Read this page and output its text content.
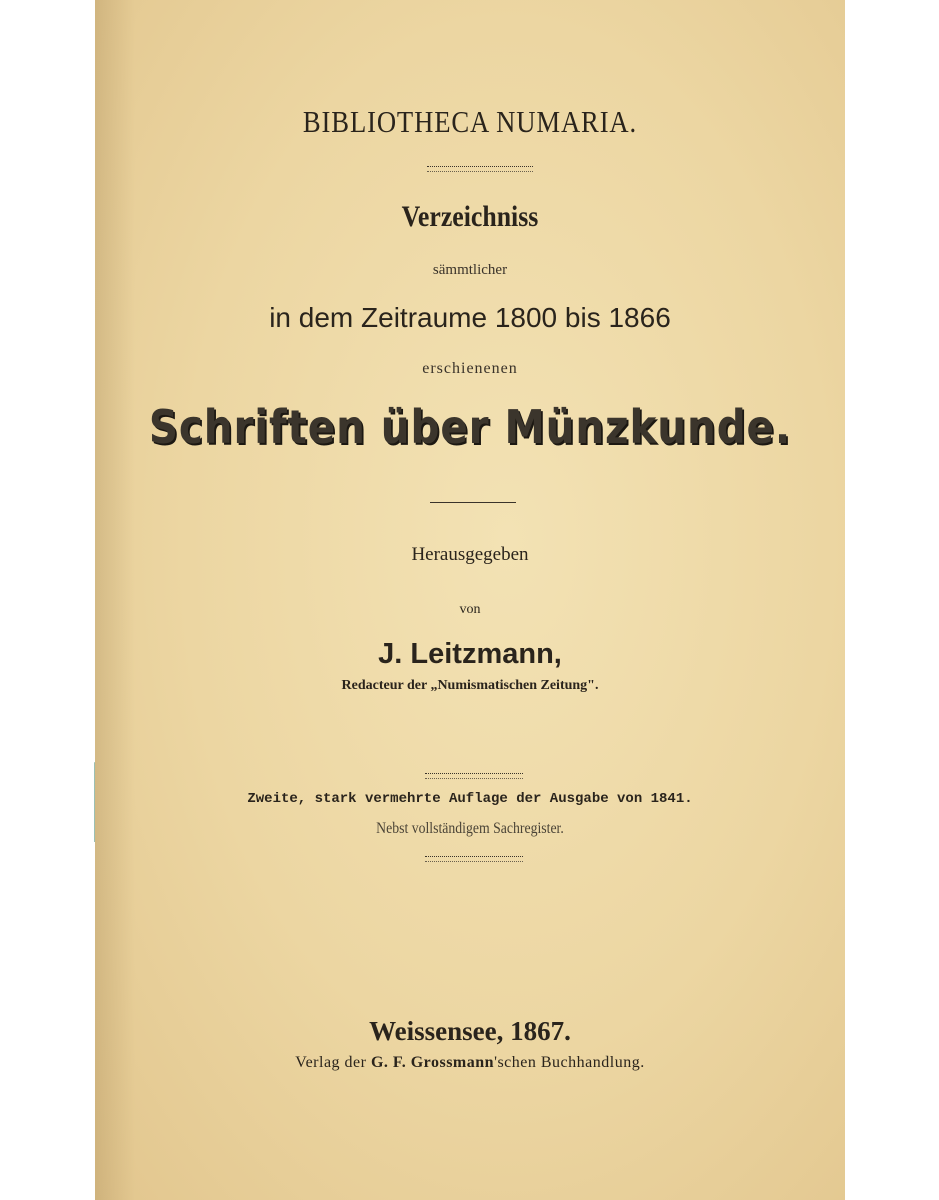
BIBLIOTHECA NUMARIA.
Verzeichniss
sämmtlicher
in dem Zeitraume 1800 bis 1866
erschienenen
Schriften über Münzkunde.
Herausgegeben
von
J. Leitzmann,
Redacteur der „Numismatischen Zeitung".
Zweite, stark vermehrte Auflage der Ausgabe von 1841.
Nebst vollständigem Sachregister.
Weissensee, 1867.
Verlag der G. F. Grossmann'schen Buchhandlung.
